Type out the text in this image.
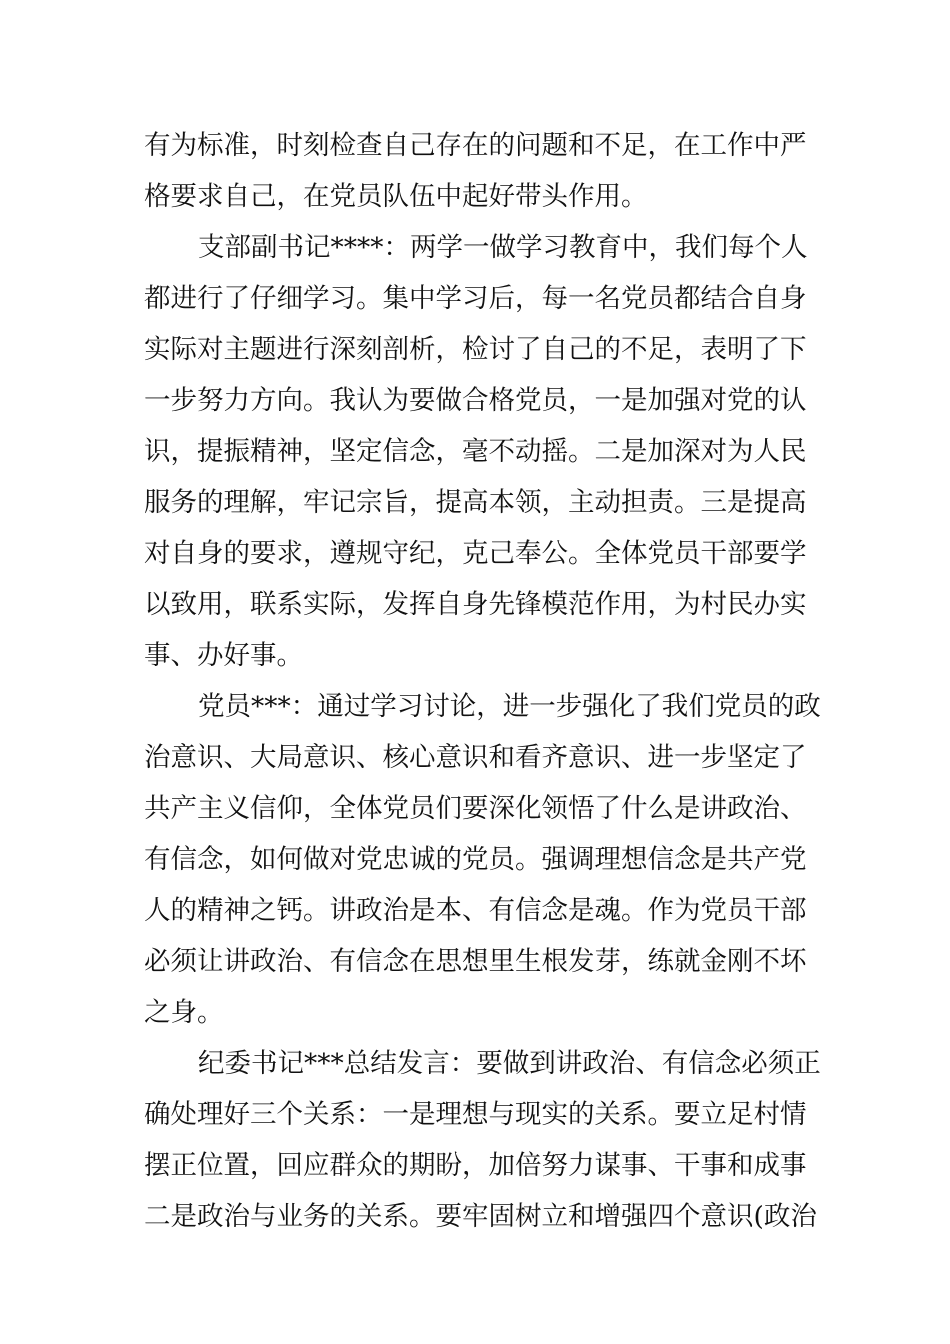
有为标准，时刻检查自己存在的问题和不足，在工作中严
格要求自己，在党员队伍中起好带头作用。
支部副书记****：两学一做学习教育中，我们每个人
都进行了仔细学习。集中学习后，每一名党员都结合自身
实际对主题进行深刻剖析，检讨了自己的不足，表明了下
一步努力方向。我认为要做合格党员，一是加强对党的认
识，提振精神，坚定信念，毫不动摇。二是加深对为人民
服务的理解，牢记宗旨，提高本领，主动担责。三是提高
对自身的要求，遵规守纪，克己奉公。全体党员干部要学
以致用，联系实际，发挥自身先锋模范作用，为村民办实
事、办好事。
党员***：通过学习讨论，进一步强化了我们党员的政
治意识、大局意识、核心意识和看齐意识、进一步坚定了
共产主义信仰，全体党员们要深化领悟了什么是讲政治、
有信念，如何做对党忠诚的党员。强调理想信念是共产党
人的精神之钙。讲政治是本、有信念是魂。作为党员干部
必须让讲政治、有信念在思想里生根发芽，练就金刚不坏
之身。
纪委书记***总结发言：要做到讲政治、有信念必须正
确处理好三个关系：一是理想与现实的关系。要立足村情
摆正位置，回应群众的期盼，加倍努力谋事、干事和成事
二是政治与业务的关系。要牢固树立和增强四个意识(政治
